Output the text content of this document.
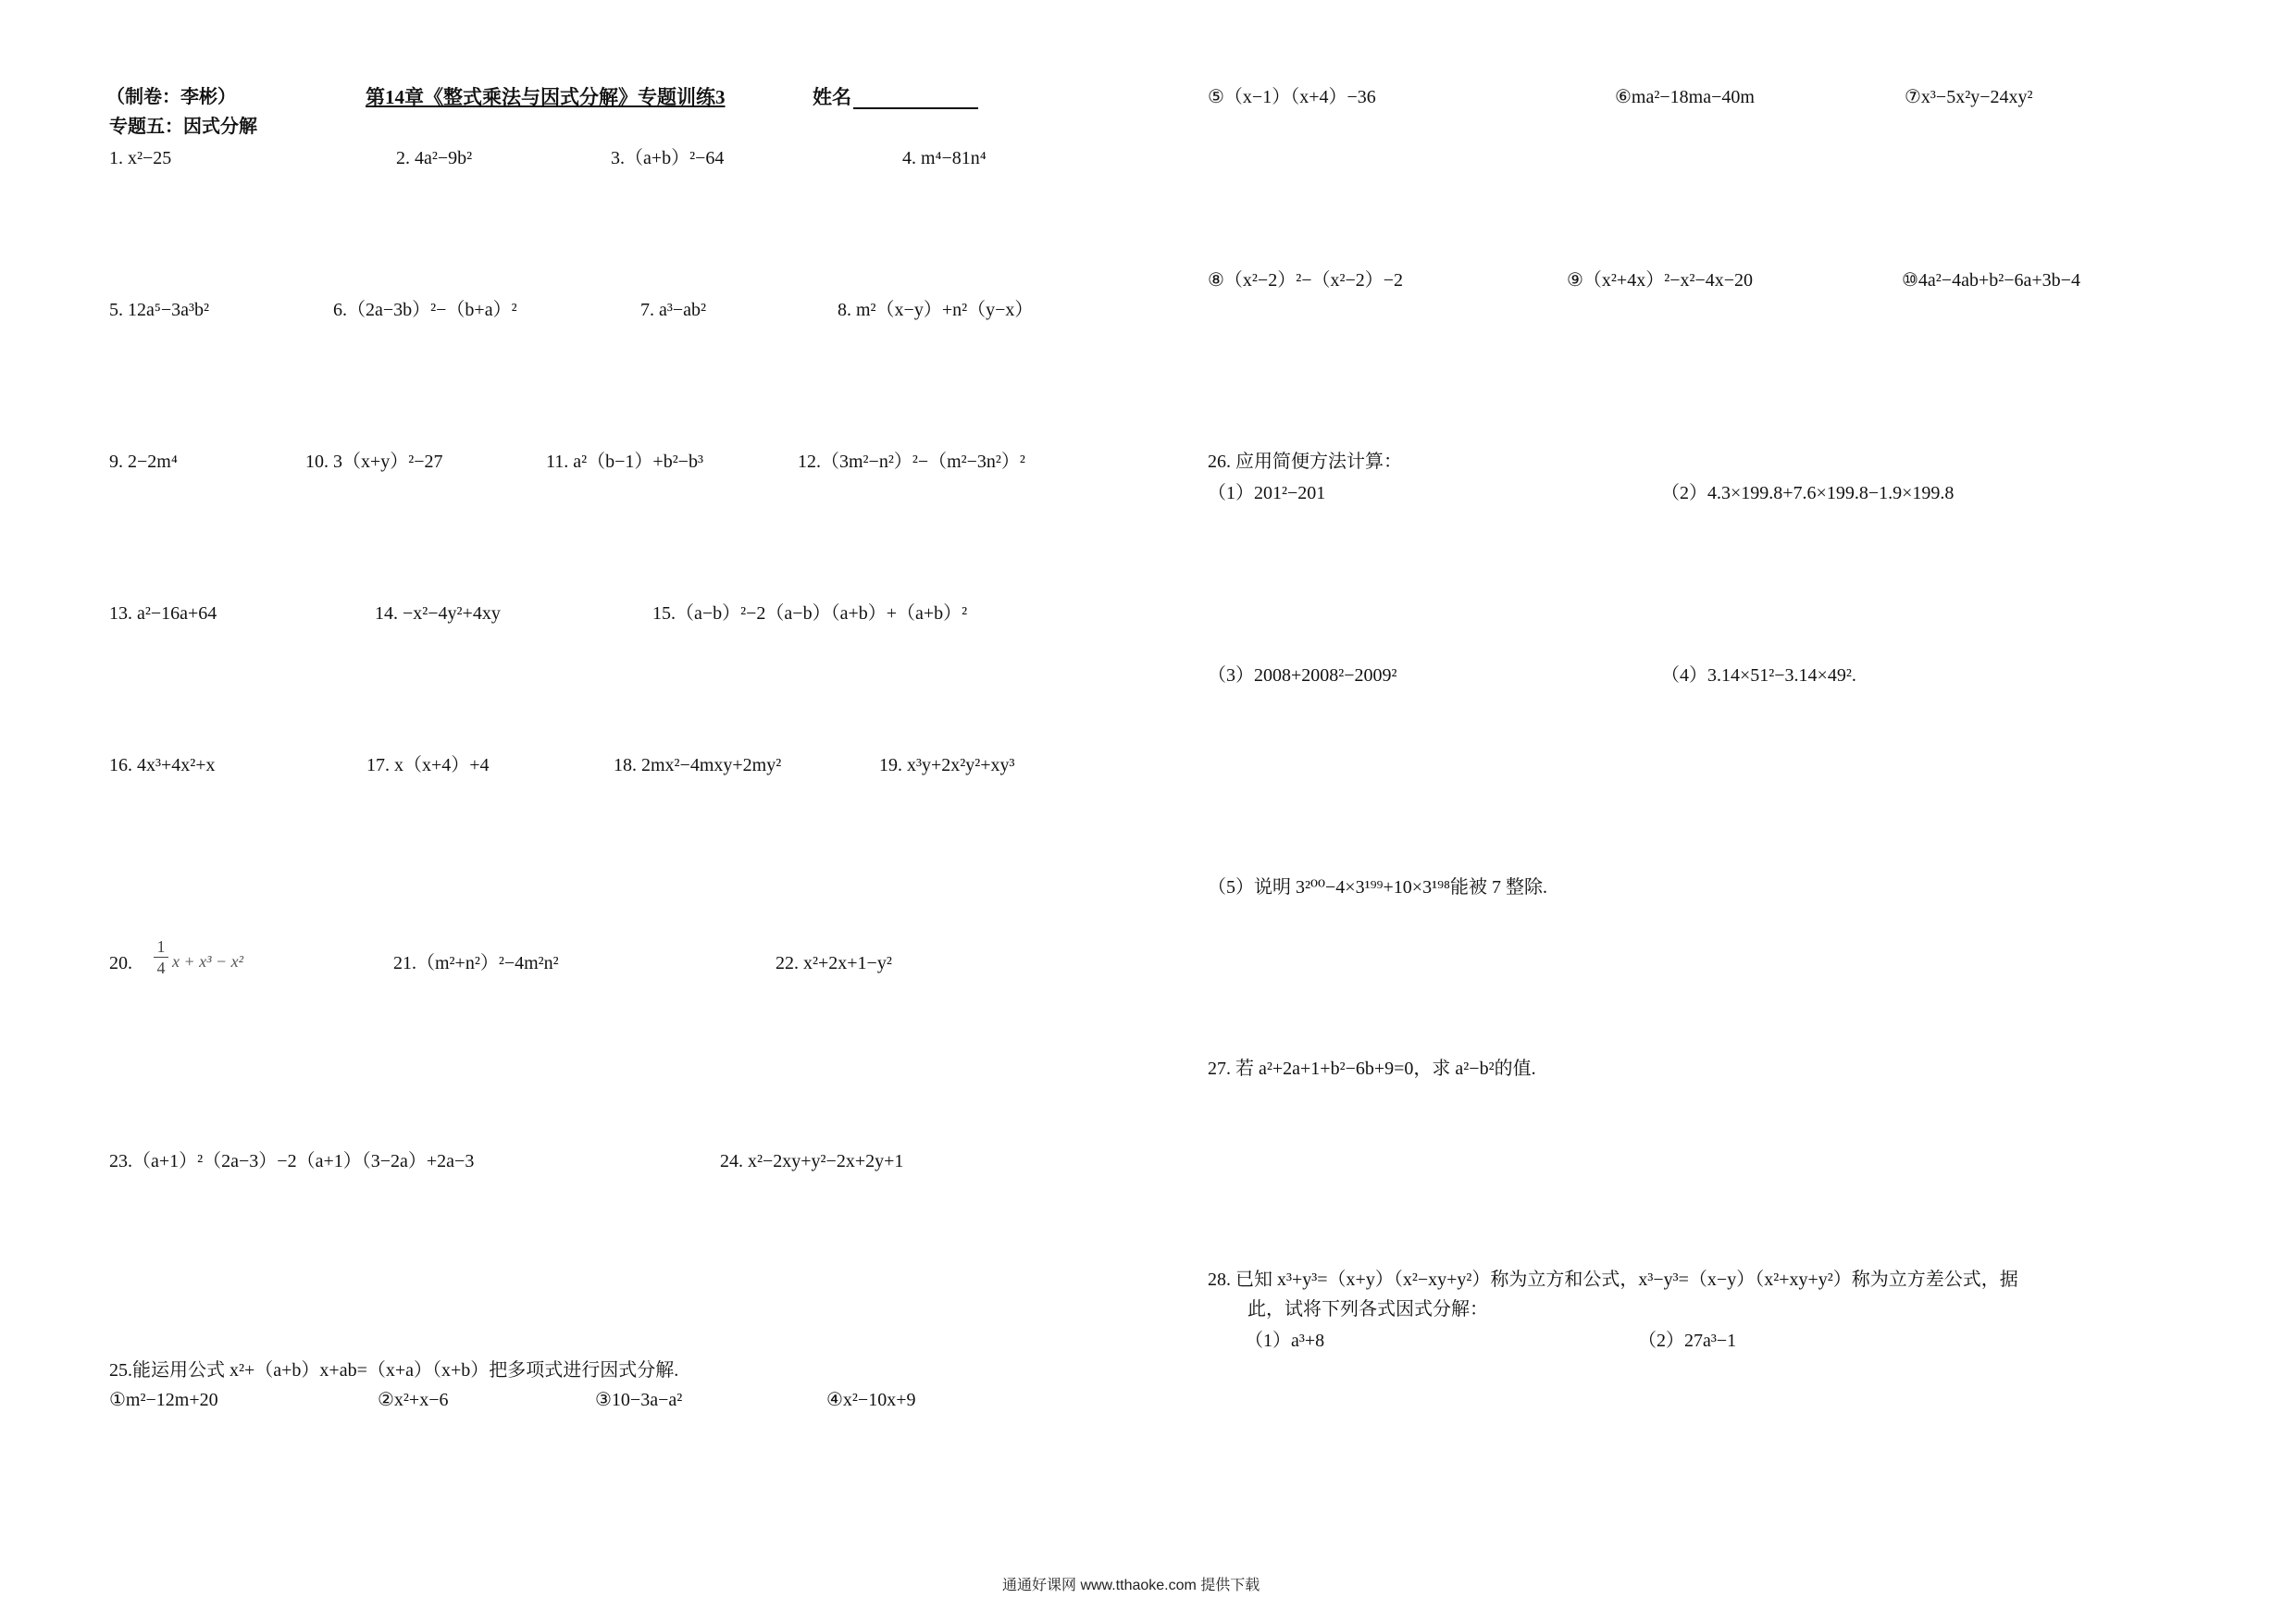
（制卷：李彬）	第14章《整式乘法与因式分解》专题训练3	姓名
专题五：因式分解
1. x²−25	2. 4a²−9b²	3.（a+b）²−64	4. m⁴−81n⁴
5. 12a⁵−3a³b²	6.（2a−3b）²−（b+a）²	7. a³−ab²	8. m²（x−y）+n²（y−x）
9. 2−2m⁴	10. 3（x+y）²−27	11. a²（b−1）+b²−b³	12.（3m²−n²）²−（m²−3n²）²
13. a²−16a+64	14. −x²−4y²+4xy	15.（a−b）²−2（a−b）（a+b）+（a+b）²
16. 4x³+4x²+x	17. x（x+4）+4	18. 2mx²−4mxy+2my²	19. x³y+2x²y²+xy³
20. $\frac{1}{4}$ x + x³ − x²	21.（m²+n²）²−4m²n²	22. x²+2x+1−y²
23.（a+1）²（2a−3）−2（a+1）（3−2a）+2a−3	24. x²−2xy+y²−2x+2y+1
25.能运用公式 x²+（a+b）x+ab=（x+a）（x+b）把多项式进行因式分解.
①m²−12m+20	②x²+x−6	③10−3a−a²	④x²−10x+9
⑤（x−1）（x+4）−36	⑥ma²−18ma−40m	⑦x³−5x²y−24xy²
⑧（x²−2）²−（x²−2）−2	⑨（x²+4x）²−x²−4x−20	⑩4a²−4ab+b²−6a+3b−4
26. 应用简便方法计算：
（1）201²−201	（2）4.3×199.8+7.6×199.8−1.9×199.8
（3）2008+2008²−2009²	（4）3.14×51²−3.14×49².
（5）说明 3²⁰⁰−4×3¹⁹⁹+10×3¹⁹⁸能被 7 整除.
27. 若 a²+2a+1+b²−6b+9=0，求 a²−b²的值.
28. 已知 x³+y³=（x+y）（x²−xy+y²）称为立方和公式，x³−y³=（x−y）（x²+xy+y²）称为立方差公式，据
此，试将下列各式因式分解：
（1）a³+8	（2）27a³−1
通通好课网 www.tthaoke.com 提供下载
